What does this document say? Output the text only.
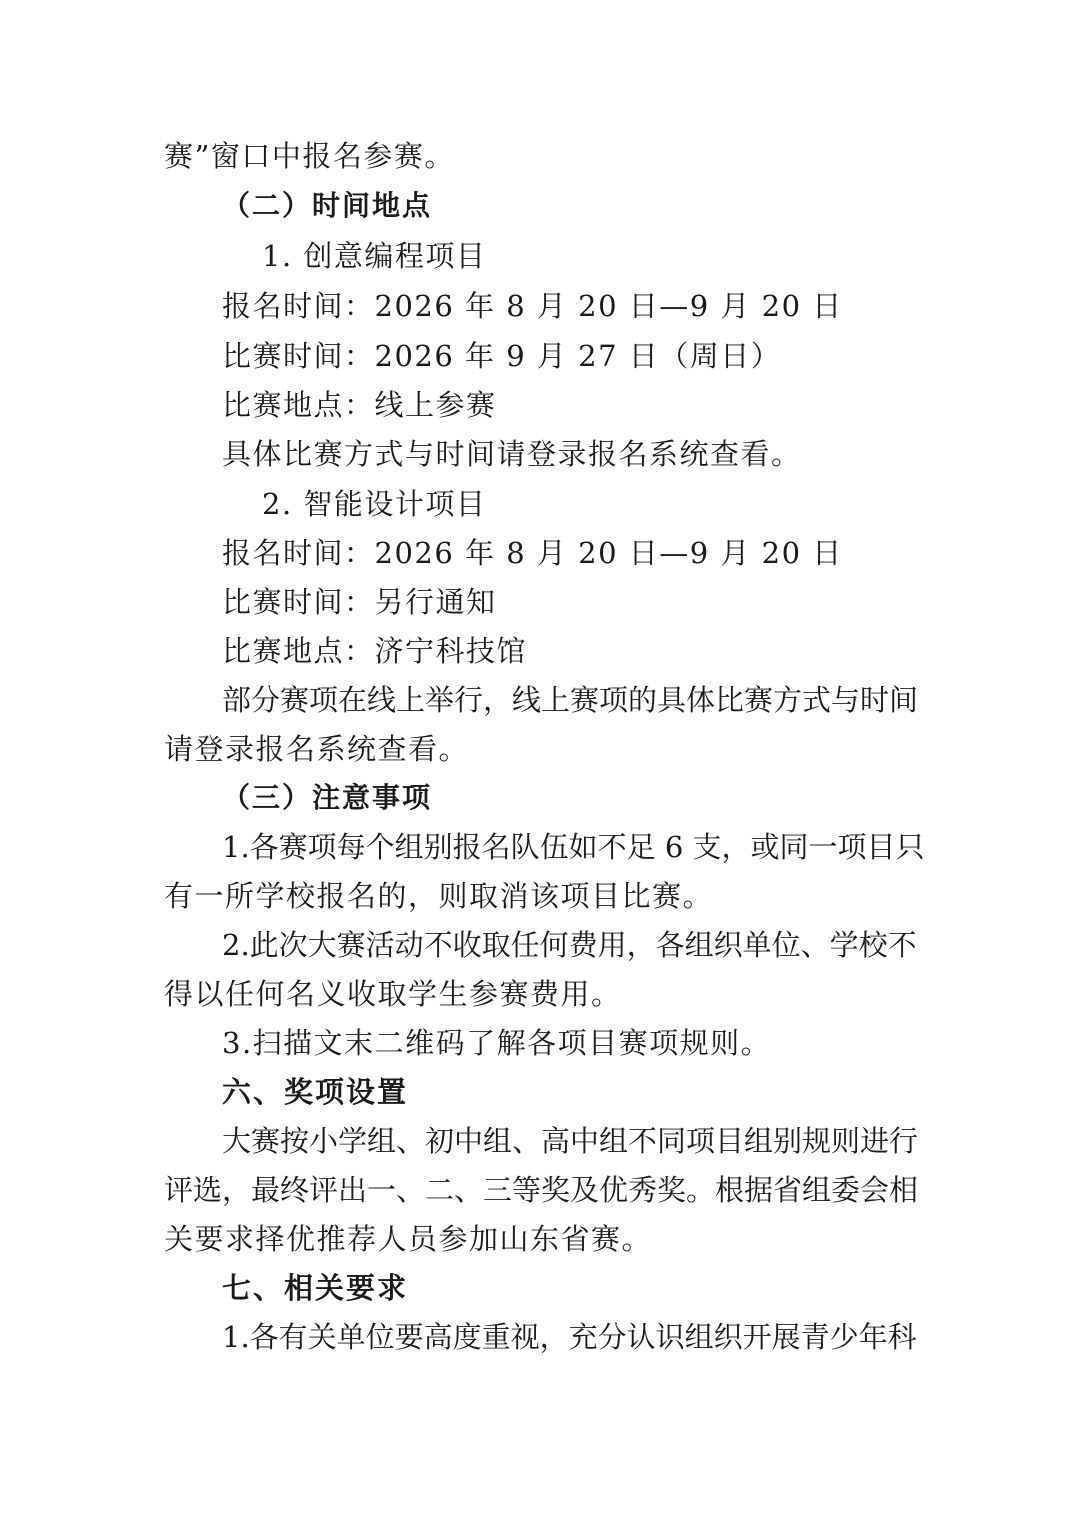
赛”窗口中报名参赛。
（二）时间地点
1. 创意编程项目
报名时间：2026 年 8 月 20 日—9 月 20 日
比赛时间：2026 年 9 月 27 日（周日）
比赛地点：线上参赛
具体比赛方式与时间请登录报名系统查看。
2. 智能设计项目
报名时间：2026 年 8 月 20 日—9 月 20 日
比赛时间：另行通知
比赛地点：济宁科技馆
部分赛项在线上举行，线上赛项的具体比赛方式与时间
请登录报名系统查看。
（三）注意事项
1.各赛项每个组别报名队伍如不足 6 支，或同一项目只
有一所学校报名的，则取消该项目比赛。
2.此次大赛活动不收取任何费用，各组织单位、学校不
得以任何名义收取学生参赛费用。
3.扫描文末二维码了解各项目赛项规则。
六、奖项设置
大赛按小学组、初中组、高中组不同项目组别规则进行
评选，最终评出一、二、三等奖及优秀奖。根据省组委会相
关要求择优推荐人员参加山东省赛。
七、相关要求
1.各有关单位要高度重视，充分认识组织开展青少年科
